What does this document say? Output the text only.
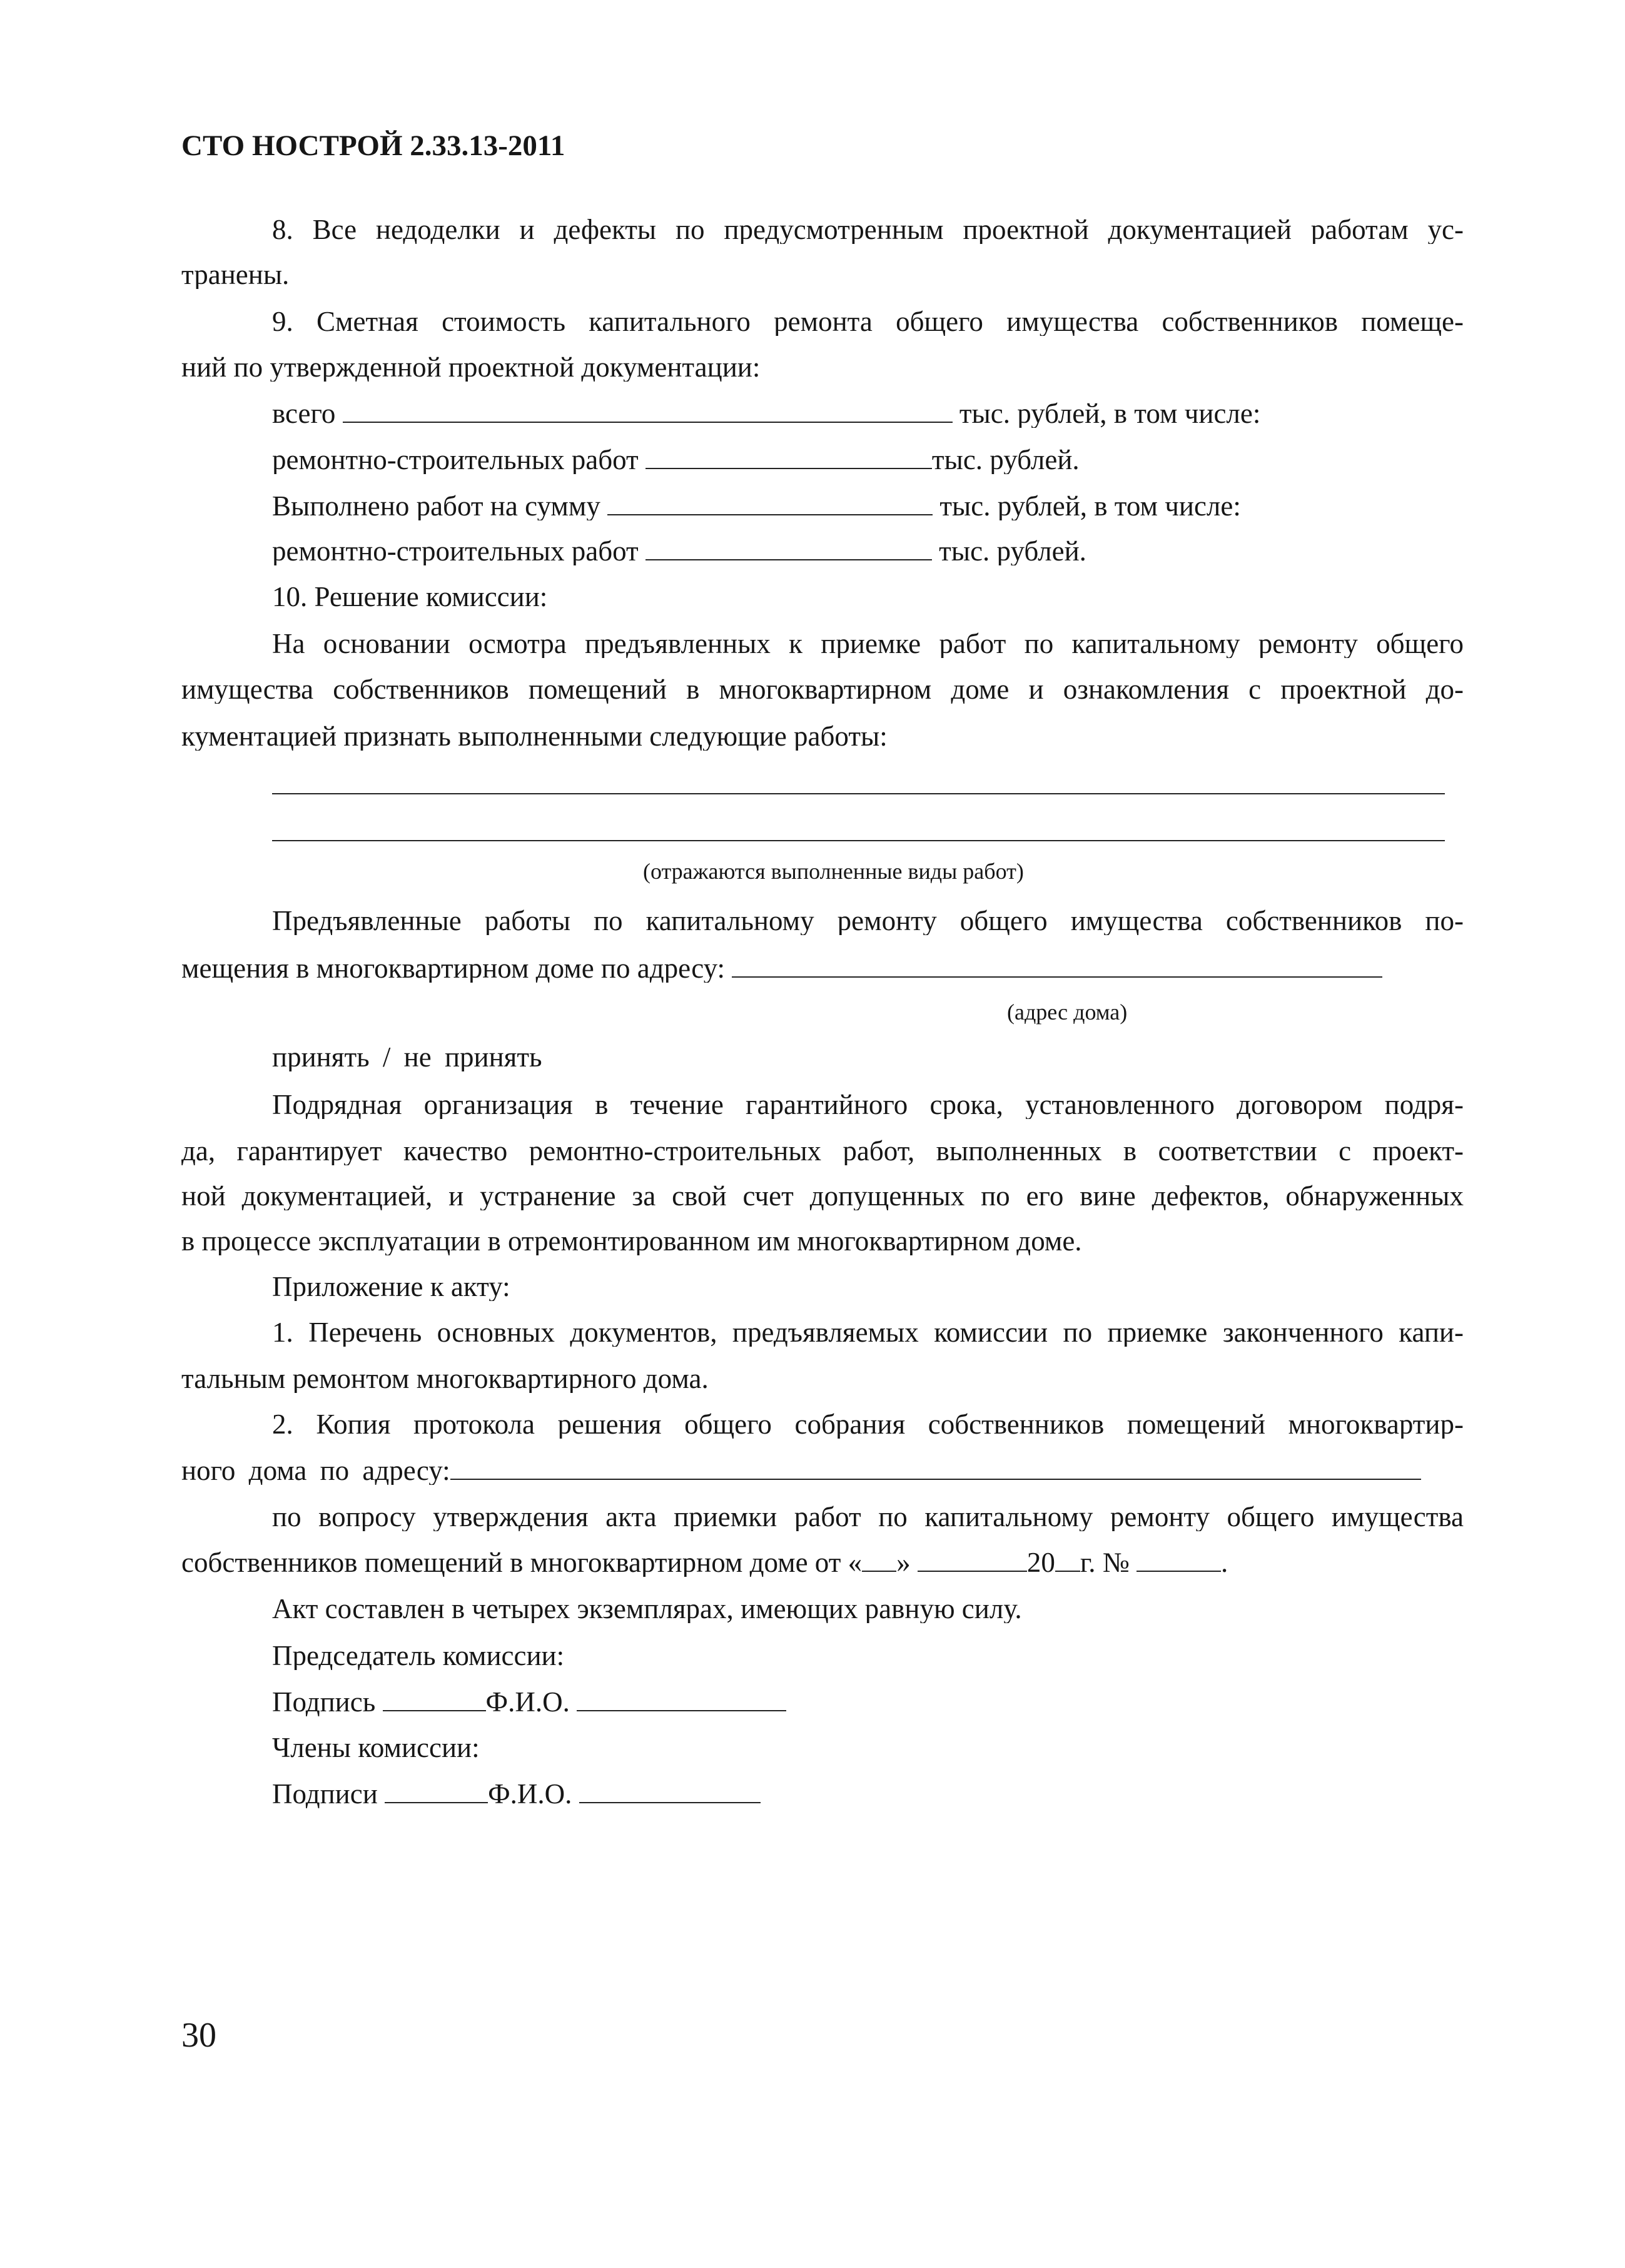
СТО НОСТРОЙ 2.33.13-2011
8. Все недоделки и дефекты по предусмотренным проектной документацией работам ус-
транены.
9. Сметная стоимость капитального ремонта общего имущества собственников помеще-
ний по утвержденной проектной документации:
всего	тыс. рублей, в том числе:
ремонтно-строительных работ	тыс. рублей.
Выполнено работ на сумму	тыс. рублей, в том числе:
ремонтно-строительных работ	тыс. рублей.
10. Решение комиссии:
На основании осмотра предъявленных к приемке работ по капитальному ремонту общего
имущества собственников помещений в многоквартирном доме и ознакомления с проектной до-
кументацией признать выполненными следующие работы:
(отражаются выполненные виды работ)
Предъявленные работы по капитальному ремонту общего имущества собственников по-
мещения в многоквартирном доме по адресу:
(адрес дома)
принять / не принять
Подрядная организация в течение гарантийного срока, установленного договором подря-
да, гарантирует качество ремонтно-строительных работ, выполненных в соответствии с проект-
ной документацией, и устранение за свой счет допущенных по его вине дефектов, обнаруженных
в процессе эксплуатации в отремонтированном им многоквартирном доме.
Приложение к акту:
1. Перечень основных документов, предъявляемых комиссии по приемке законченного капи-
тальным ремонтом многоквартирного дома.
2. Копия протокола решения общего собрания собственников помещений многоквартир-
ного дома по адресу:
по вопросу утверждения акта приемки работ по капитальному ремонту общего имущества
собственников помещений в многоквартирном доме от « »	20 г. №	.
Акт составлен в четырех экземплярах, имеющих равную силу.
Председатель комиссии:
Подпись	Ф.И.О.
Члены комиссии:
Подписи	Ф.И.О.
30
